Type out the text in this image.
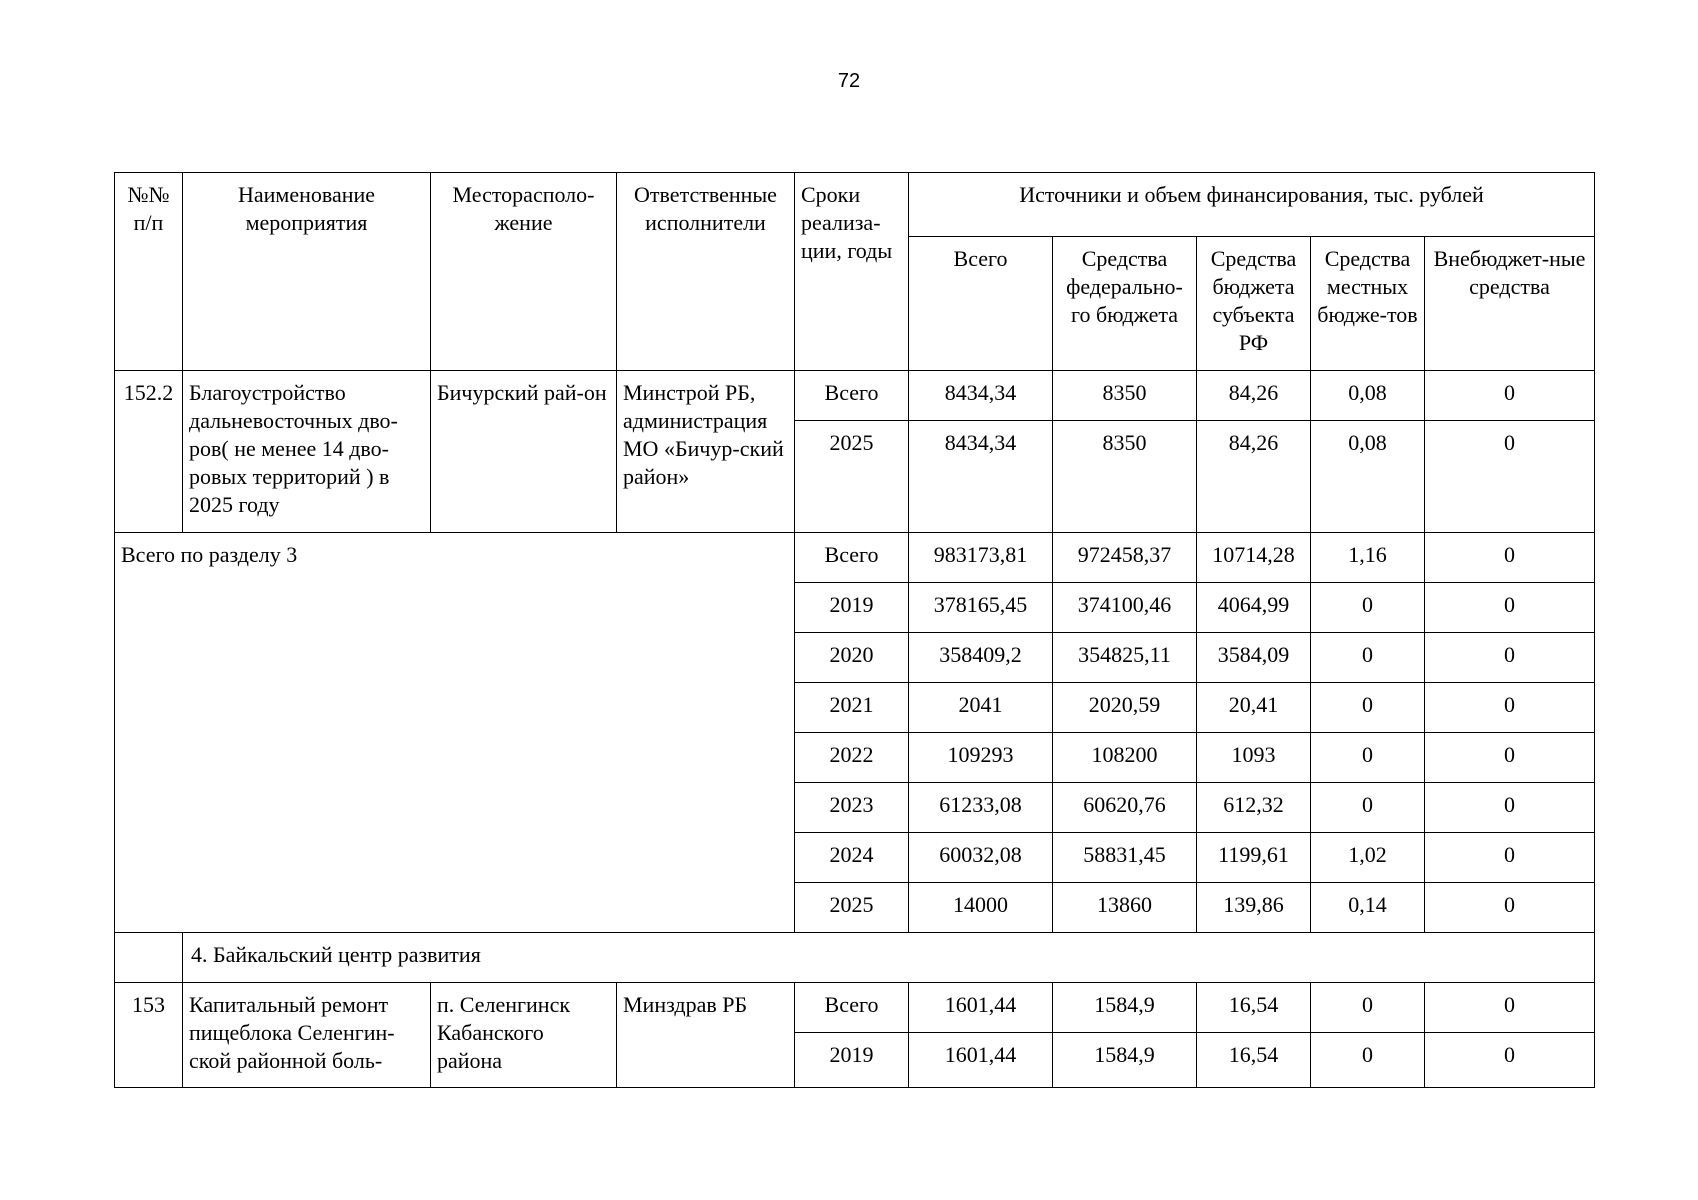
72
№№ п/п	Наименование мероприятия	Месторасполо-жение	Ответственные исполнители	Сроки реализа-ции, годы	Источники и объем финансирования, тыс. рублей				
					Всего	Средства федерально-го бюджета	Средства бюджета субъекта РФ	Средства местных бюдже-тов	Внебюджет-ные средства
152.2	Благоустройство дальневосточных дво-ров( не менее 14 дво-ровых территорий ) в 2025 году	Бичурский рай-он	Минстрой РБ, администрация МО «Бичур-ский район»	Всего	8434,34	8350	84,26	0,08	0
				2025	8434,34	8350	84,26	0,08	0
Всего по разделу 3				Всего	983173,81	972458,37	10714,28	1,16	0
				2019	378165,45	374100,46	4064,99	0	0
				2020	358409,2	354825,11	3584,09	0	0
				2021	2041	2020,59	20,41	0	0
				2022	109293	108200	1093	0	0
				2023	61233,08	60620,76	612,32	0	0
				2024	60032,08	58831,45	1199,61	1,02	0
				2025	14000	13860	139,86	0,14	0
	4. Байкальский центр развития								
153	Капитальный ремонт пищеблока Селенгин-ской районной боль-	п. Селенгинск Кабанского района	Минздрав РБ	Всего	1601,44	1584,9	16,54	0	0
				2019	1601,44	1584,9	16,54	0	0
